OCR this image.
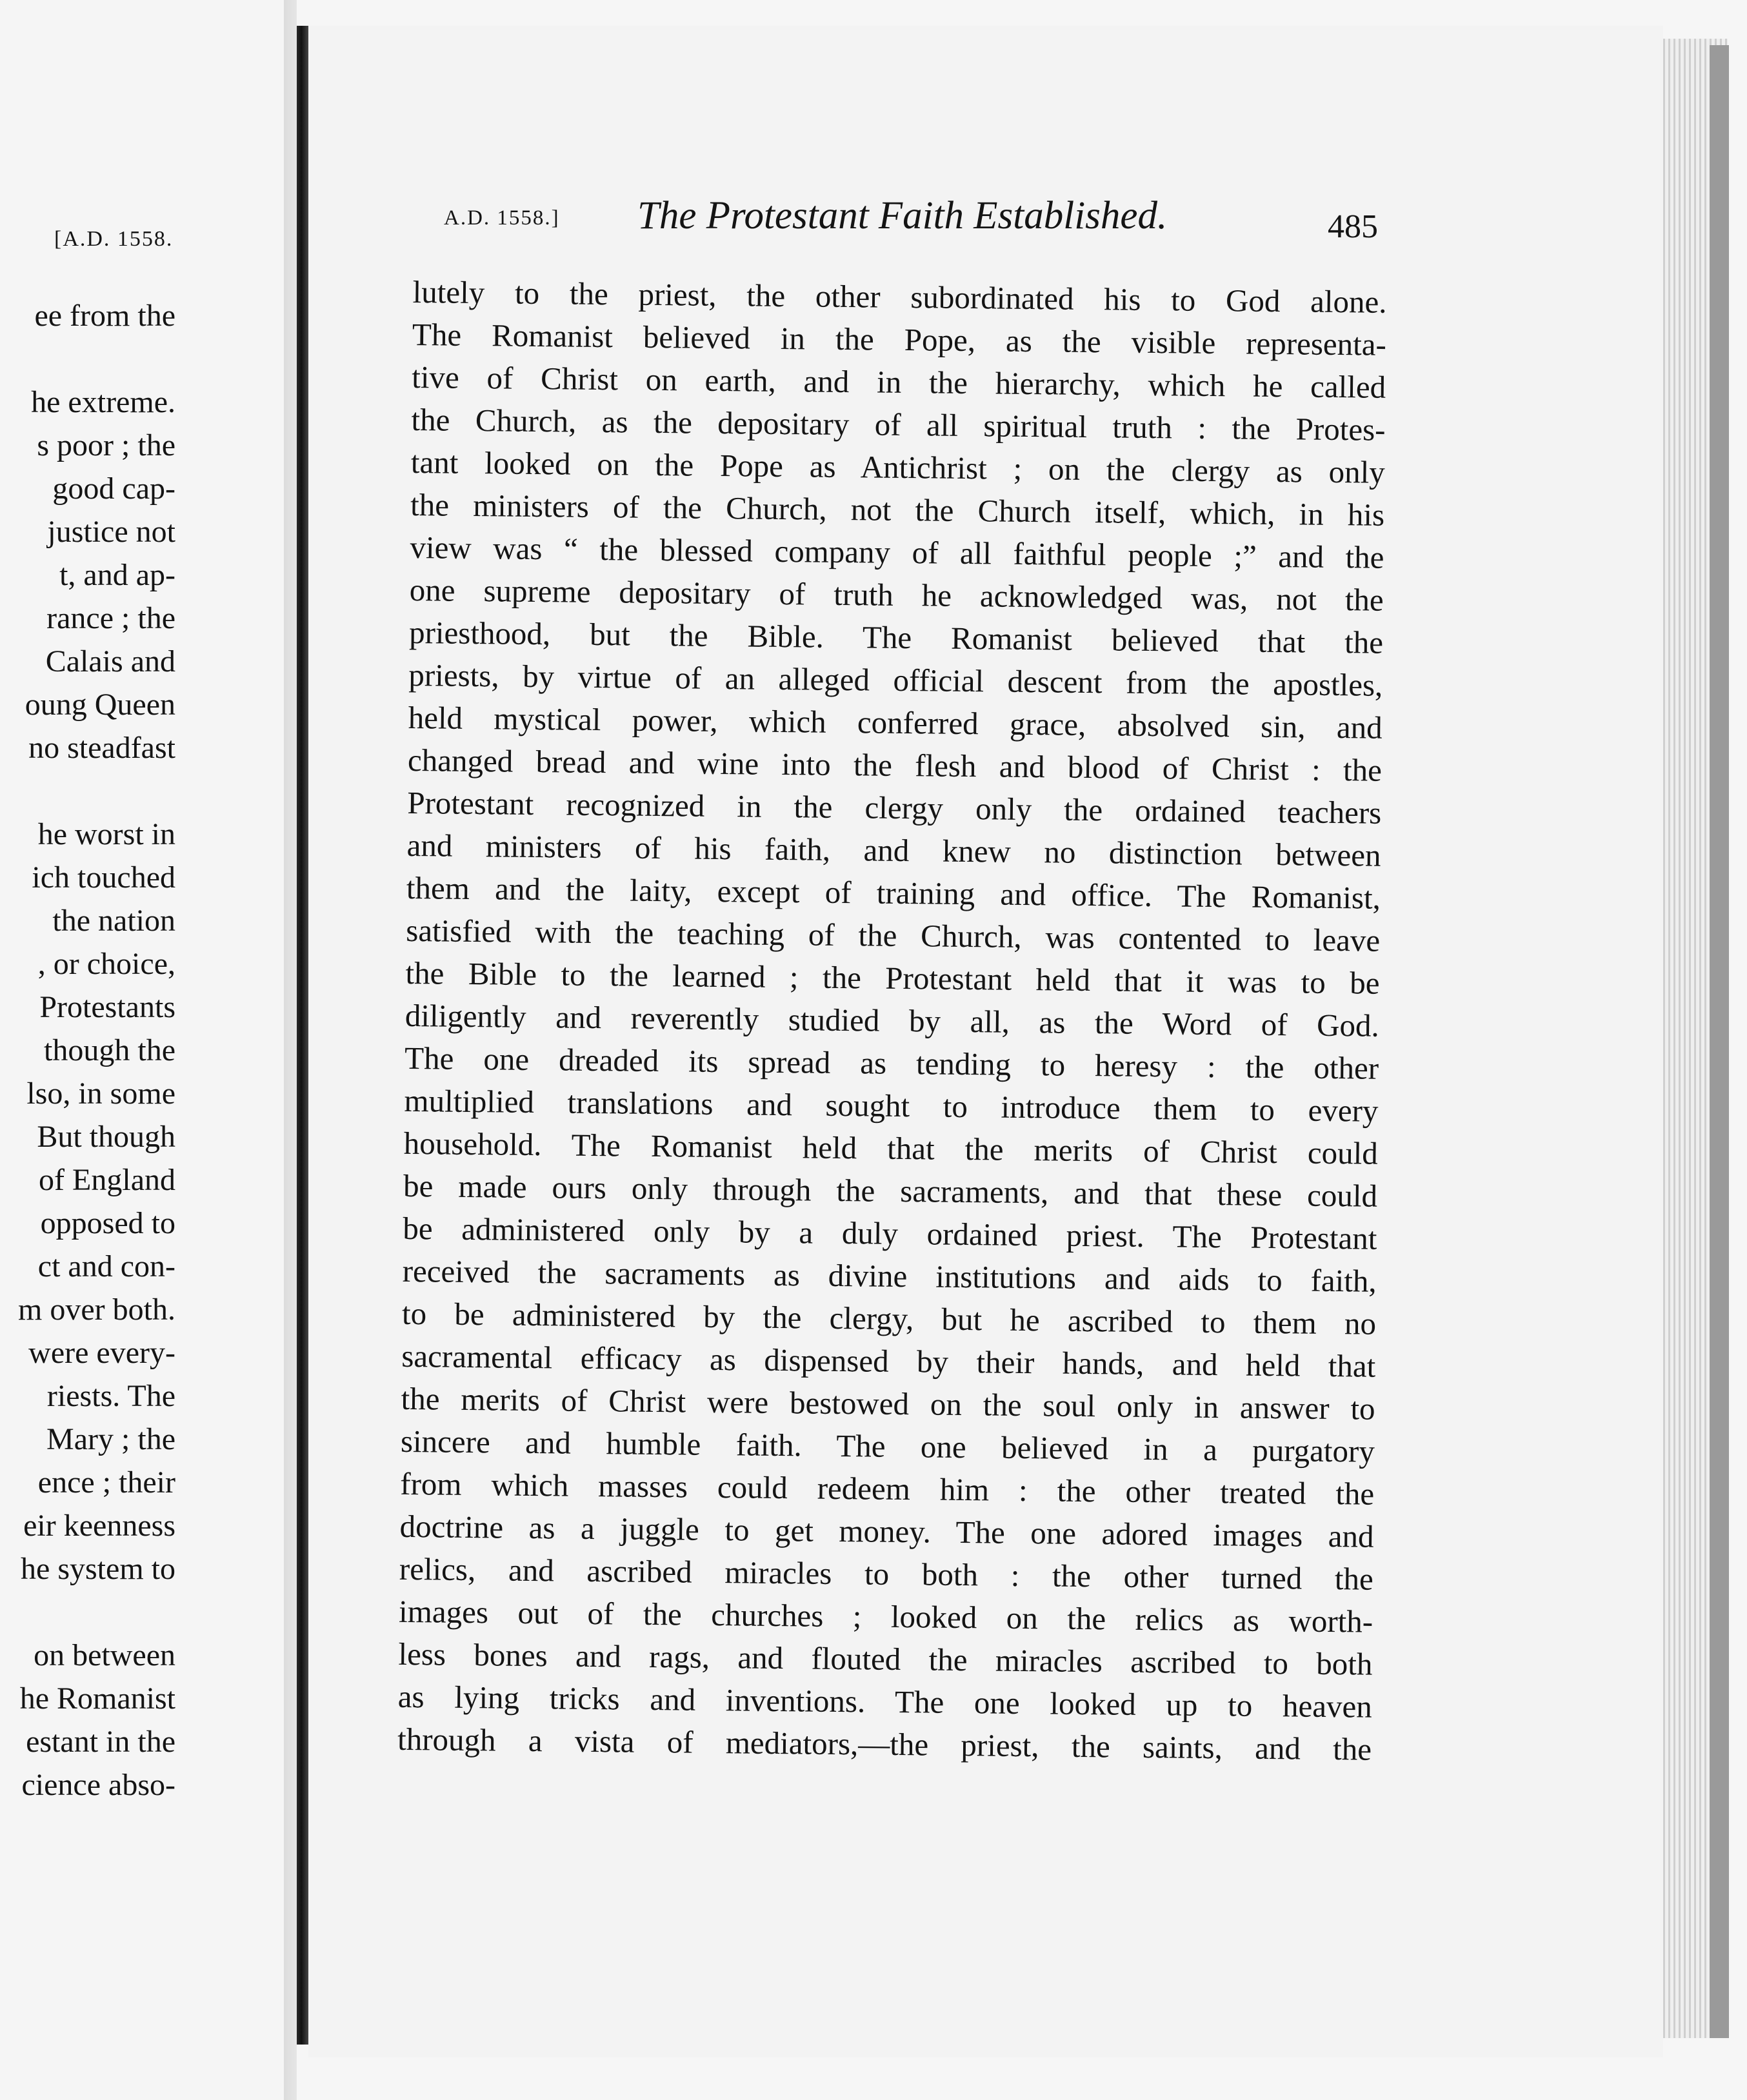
[A.D. 1558.
ee from the
he extreme.
s poor ; the
good cap-
justice not
t, and ap-
rance ; the
Calais and
oung Queen
no steadfast
he worst in
ich touched
the nation
, or choice,
Protestants
though the
lso, in some
But though
of England
opposed to
ct and con-
m over both.
were every-
riests. The
Mary ; the
ence ; their
eir keenness
he system to
on between
he Romanist
estant in the
cience abso-
A.D. 1558.] The Protestant Faith Established.	485
lutely to the priest, the other subordinated his to God alone.
The Romanist believed in the Pope, as the visible representa-
tive of Christ on earth, and in the hierarchy, which he called
the Church, as the depositary of all spiritual truth : the Protes-
tant looked on the Pope as Antichrist ; on the clergy as only
the ministers of the Church, not the Church itself, which, in his
view was “ the blessed company of all faithful people ;” and the
one supreme depositary of truth he acknowledged was, not the
priesthood, but the Bible. The Romanist believed that the
priests, by virtue of an alleged official descent from the apostles,
held mystical power, which conferred grace, absolved sin, and
changed bread and wine into the flesh and blood of Christ : the
Protestant recognized in the clergy only the ordained teachers
and ministers of his faith, and knew no distinction between
them and the laity, except of training and office. The Romanist,
satisfied with the teaching of the Church, was contented to leave
the Bible to the learned ; the Protestant held that it was to be
diligently and reverently studied by all, as the Word of God.
The one dreaded its spread as tending to heresy : the other
multiplied translations and sought to introduce them to every
household. The Romanist held that the merits of Christ could
be made ours only through the sacraments, and that these could
be administered only by a duly ordained priest. The Protestant
received the sacraments as divine institutions and aids to faith,
to be administered by the clergy, but he ascribed to them no
sacramental efficacy as dispensed by their hands, and held that
the merits of Christ were bestowed on the soul only in answer to
sincere and humble faith. The one believed in a purgatory
from which masses could redeem him : the other treated the
doctrine as a juggle to get money. The one adored images and
relics, and ascribed miracles to both : the other turned the
images out of the churches ; looked on the relics as worth-
less bones and rags, and flouted the miracles ascribed to both
as lying tricks and inventions. The one looked up to heaven
through a vista of mediators,—the priest, the saints, and the
